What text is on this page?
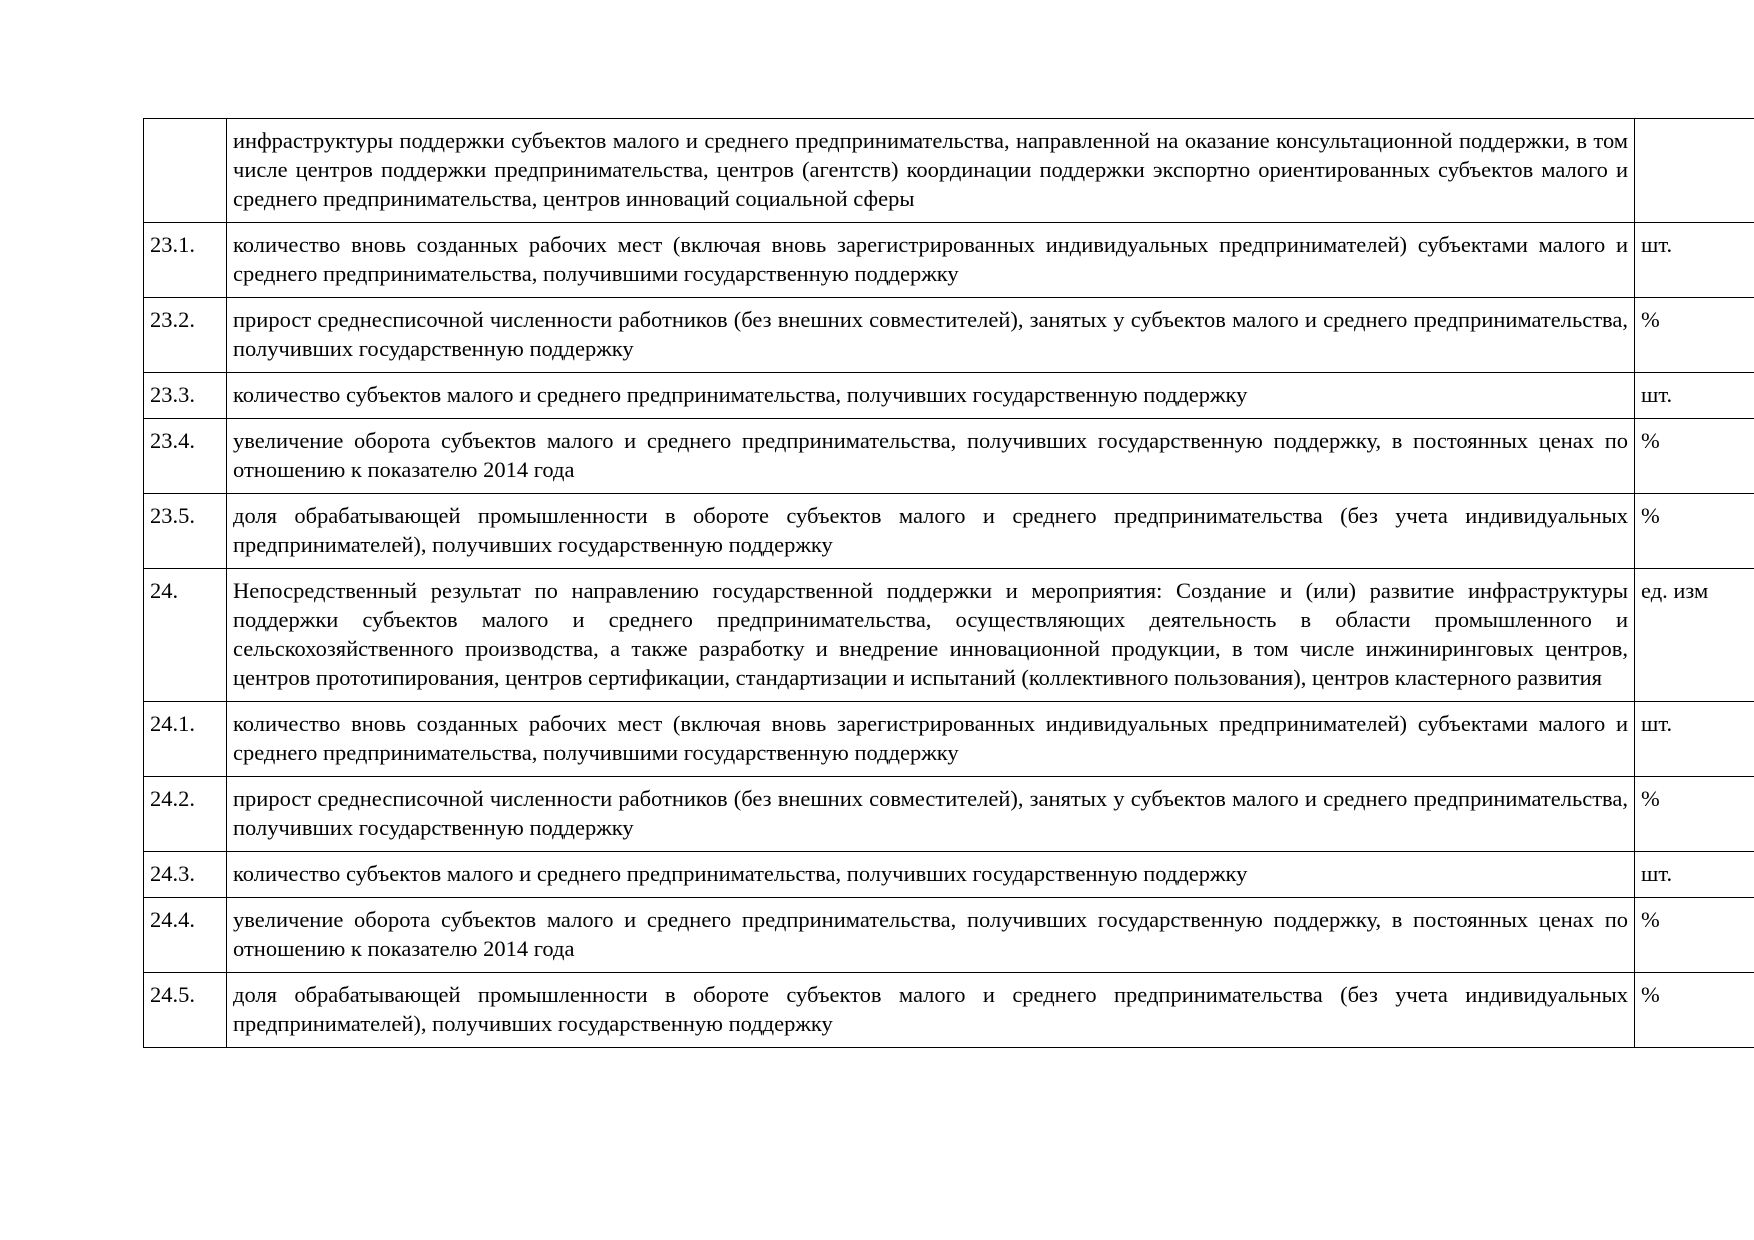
	инфраструктуры поддержки субъектов малого и среднего предпринимательства, направленной на оказание консультационной поддержки, в том числе центров поддержки предпринимательства, центров (агентств) координации поддержки экспортно ориентированных субъектов малого и среднего предпринимательства, центров инноваций социальной сферы	
23.1.	количество вновь созданных рабочих мест (включая вновь зарегистрированных индивидуальных предпринимателей) субъектами малого и среднего предпринимательства, получившими государственную поддержку	шт.
23.2.	прирост среднесписочной численности работников (без внешних совместителей), занятых у субъектов малого и среднего предпринимательства, получивших государственную поддержку	%
23.3.	количество субъектов малого и среднего предпринимательства, получивших государственную поддержку	шт.
23.4.	увеличение оборота субъектов малого и среднего предпринимательства, получивших государственную поддержку, в постоянных ценах по отношению к показателю 2014 года	%
23.5.	доля обрабатывающей промышленности в обороте субъектов малого и среднего предпринимательства (без учета индивидуальных предпринимателей), получивших государственную поддержку	%
24.	Непосредственный результат по направлению государственной поддержки и мероприятия: Создание и (или) развитие инфраструктуры поддержки субъектов малого и среднего предпринимательства, осуществляющих деятельность в области промышленного и сельскохозяйственного производства, а также разработку и внедрение инновационной продукции, в том числе инжиниринговых центров, центров прототипирования, центров сертификации, стандартизации и испытаний (коллективного пользования), центров кластерного развития	ед. изм
24.1.	количество вновь созданных рабочих мест (включая вновь зарегистрированных индивидуальных предпринимателей) субъектами малого и среднего предпринимательства, получившими государственную поддержку	шт.
24.2.	прирост среднесписочной численности работников (без внешних совместителей), занятых у субъектов малого и среднего предпринимательства, получивших государственную поддержку	%
24.3.	количество субъектов малого и среднего предпринимательства, получивших государственную поддержку	шт.
24.4.	увеличение оборота субъектов малого и среднего предпринимательства, получивших государственную поддержку, в постоянных ценах по отношению к показателю 2014 года	%
24.5.	доля обрабатывающей промышленности в обороте субъектов малого и среднего предпринимательства (без учета индивидуальных предпринимателей), получивших государственную поддержку	%
